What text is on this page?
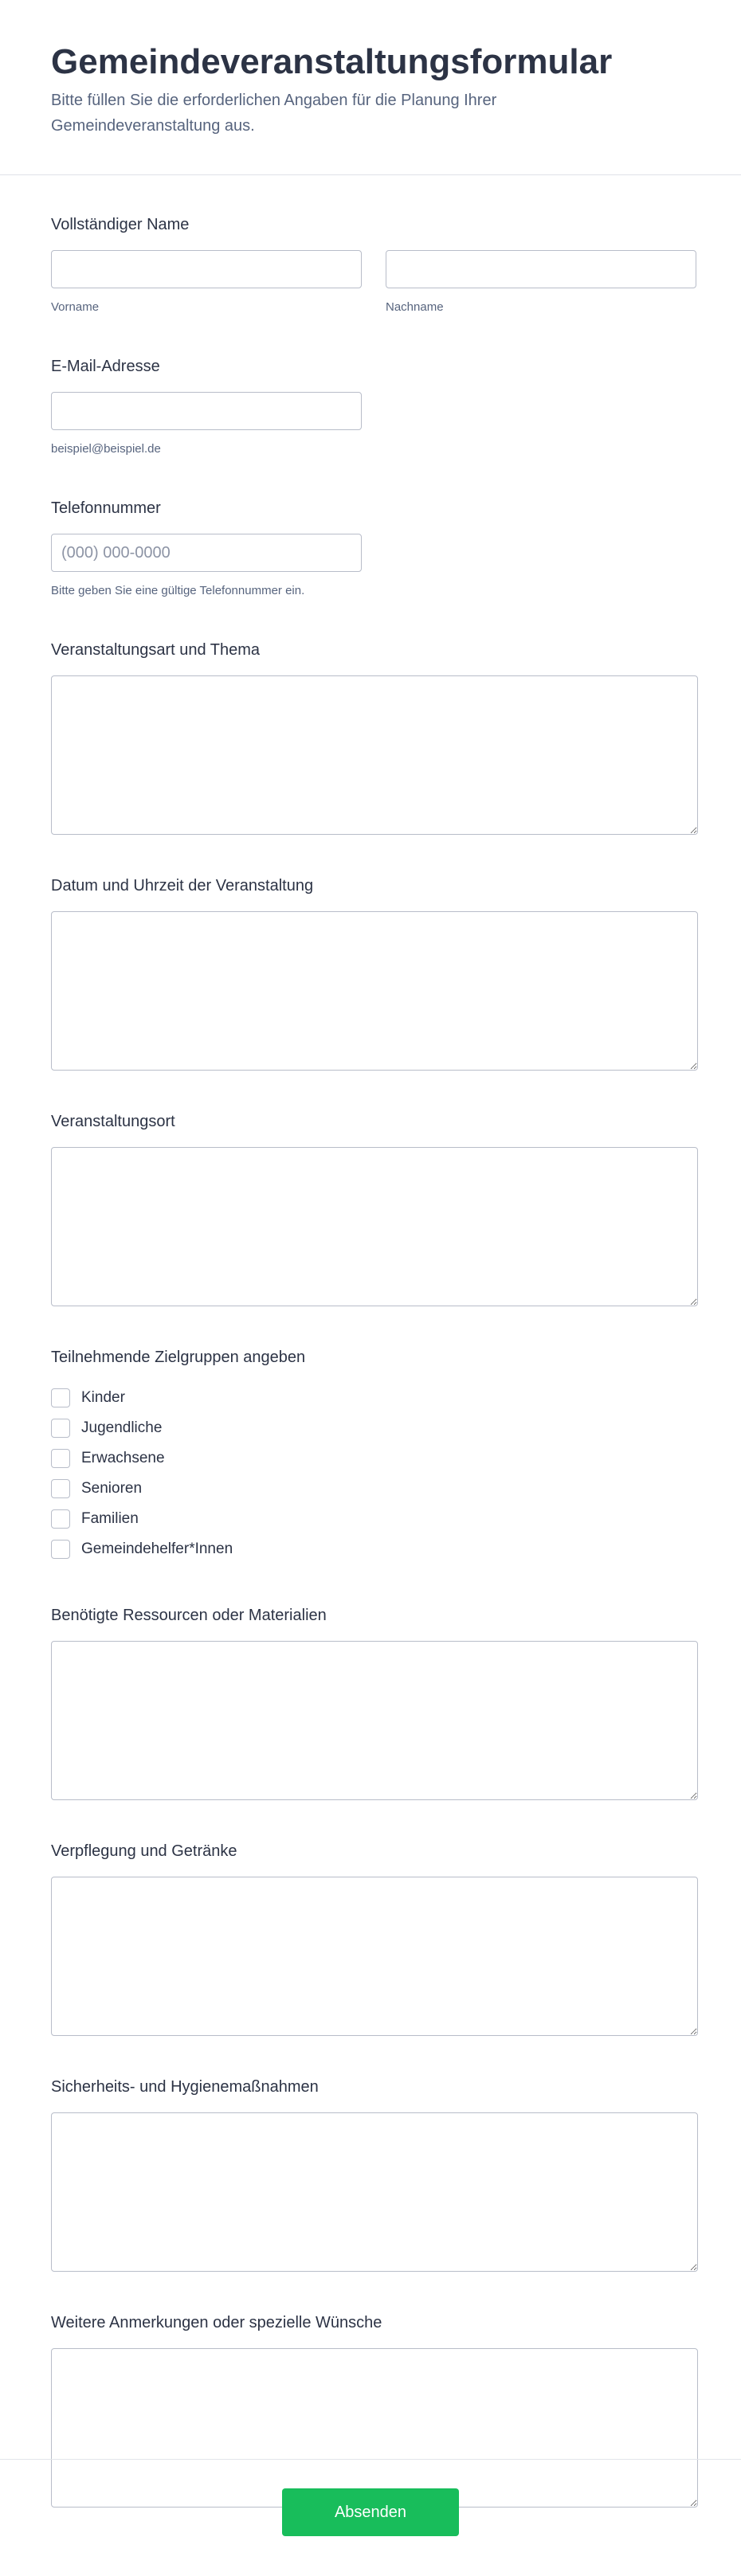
Gemeindeveranstaltungsformular

Bitte füllen Sie die erforderlichen Angaben für die Planung Ihrer Gemeindeveranstaltung aus.

Vollständiger Name
Vorname	Nachname
E-Mail-Adresse
beispiel@beispiel.de
Telefonnummer
(000) 000-0000
Bitte geben Sie eine gültige Telefonnummer ein.
Veranstaltungsart und Thema
Datum und Uhrzeit der Veranstaltung
Veranstaltungsort
Teilnehmende Zielgruppen angeben
Kinder
Jugendliche
Erwachsene
Senioren
Familien
Gemeindehelfer*Innen
Benötigte Ressourcen oder Materialien
Verpflegung und Getränke
Sicherheits- und Hygienemaßnahmen
Weitere Anmerkungen oder spezielle Wünsche
Absenden
